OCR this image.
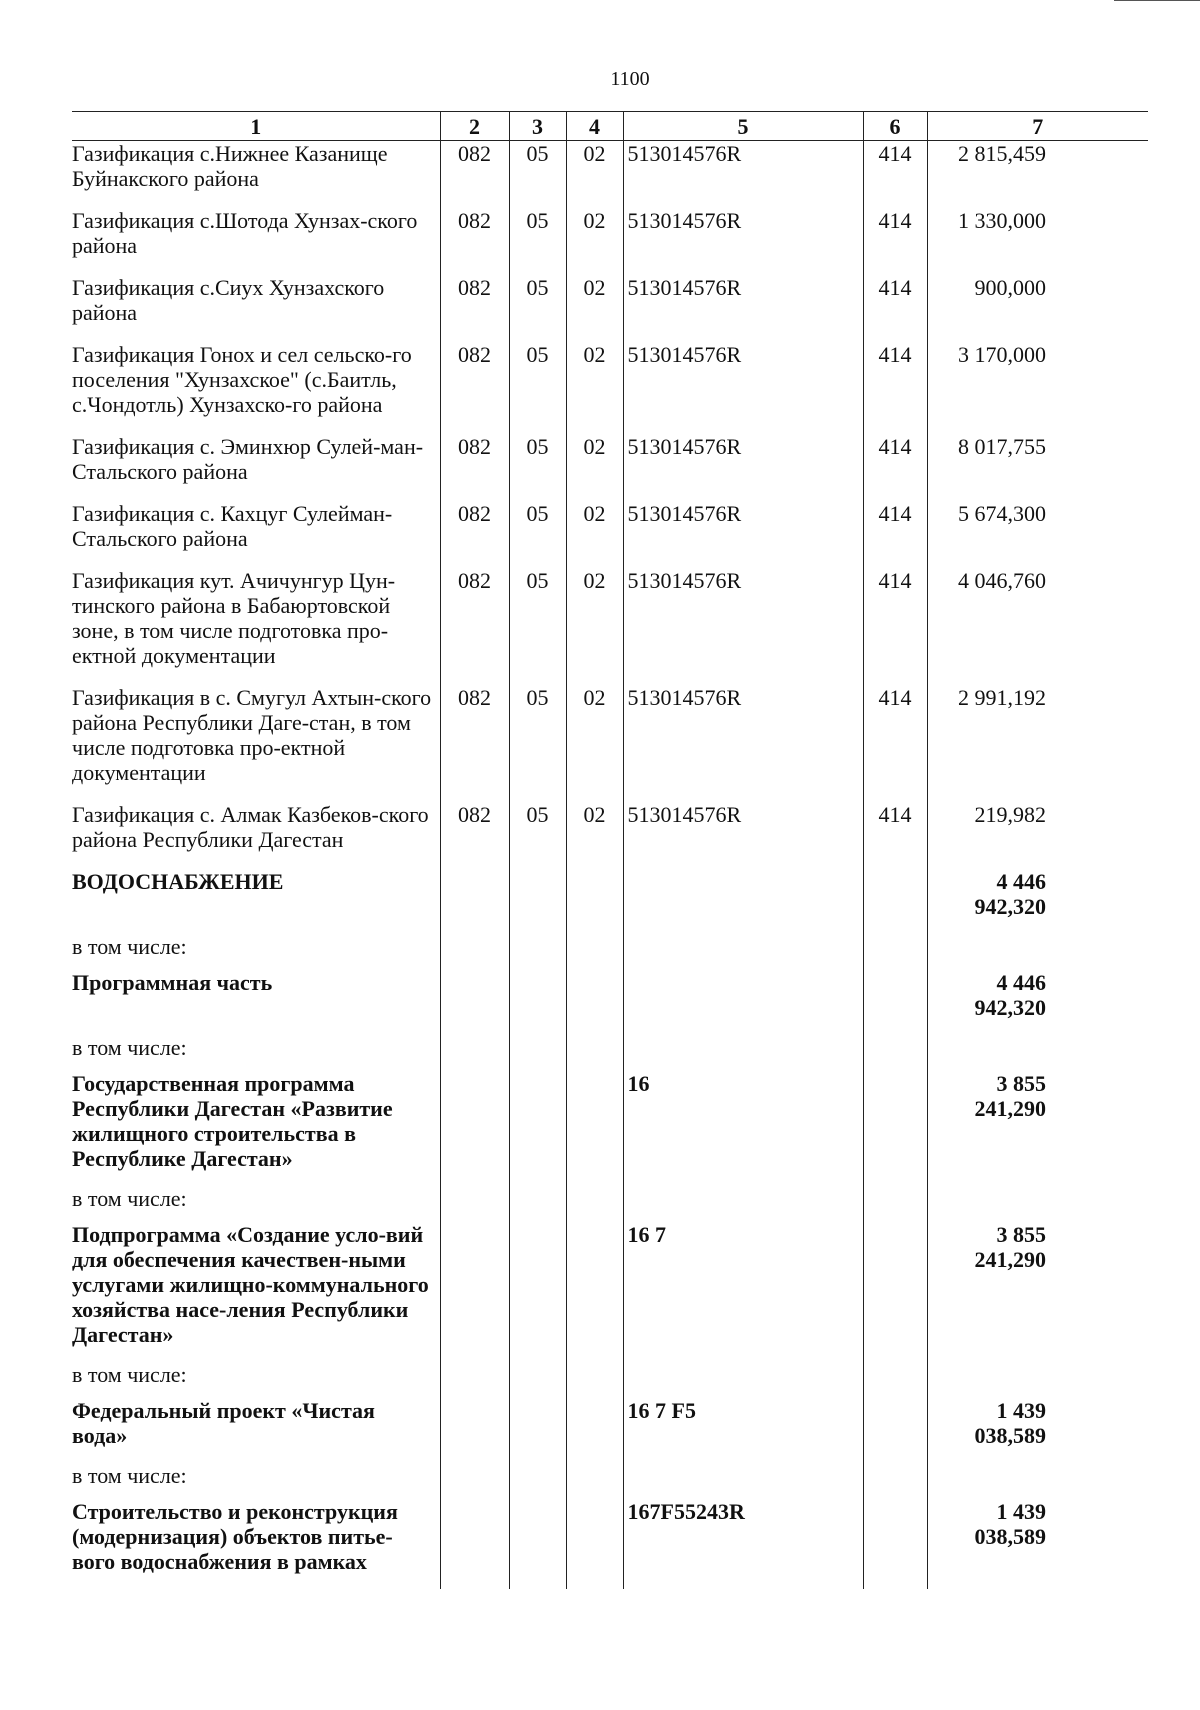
1100
1	2	3	4	5	6	7
Газификация с.Нижнее Казанище Буйнакского района	082	05	02	513014576R	414	2 815,459
Газификация с.Шотода Хунзах-ского района	082	05	02	513014576R	414	1 330,000
Газификация с.Сиух Хунзахского района	082	05	02	513014576R	414	900,000
Газификация Гонох и сел сельско-го поселения "Хунзахское" (с.Баитль, с.Чондотль) Хунзахско-го района	082	05	02	513014576R	414	3 170,000
Газификация с. Эминхюр Сулей-ман-Стальского района	082	05	02	513014576R	414	8 017,755
Газификация с. Кахцуг Сулейман-Стальского района	082	05	02	513014576R	414	5 674,300
Газификация кут. Ачичунгур Цун-тинского района в Бабаюртовской зоне, в том числе подготовка про-ектной документации	082	05	02	513014576R	414	4 046,760
Газификация в с. Смугул Ахтын-ского района Республики Даге-стан, в том числе подготовка про-ектной документации	082	05	02	513014576R	414	2 991,192
Газификация с. Алмак Казбеков-ского района Республики Дагестан	082	05	02	513014576R	414	219,982
ВОДОСНАБЖЕНИЕ						4 446 942,320
в том числе:						
Программная часть						4 446 942,320
в том числе:						
Государственная программа Республики Дагестан «Развитие жилищного строительства в Республике Дагестан»				16		3 855 241,290
в том числе:						
Подпрограмма «Создание усло-вий для обеспечения качествен-ными услугами жилищно-коммунального хозяйства насе-ления Республики Дагестан»				16 7		3 855 241,290
в том числе:						
Федеральный проект «Чистая вода»				16 7 F5		1 439 038,589
в том числе:						
Строительство и реконструкция (модернизация) объектов питье-вого водоснабжения в рамках				167F55243R		1 439 038,589
